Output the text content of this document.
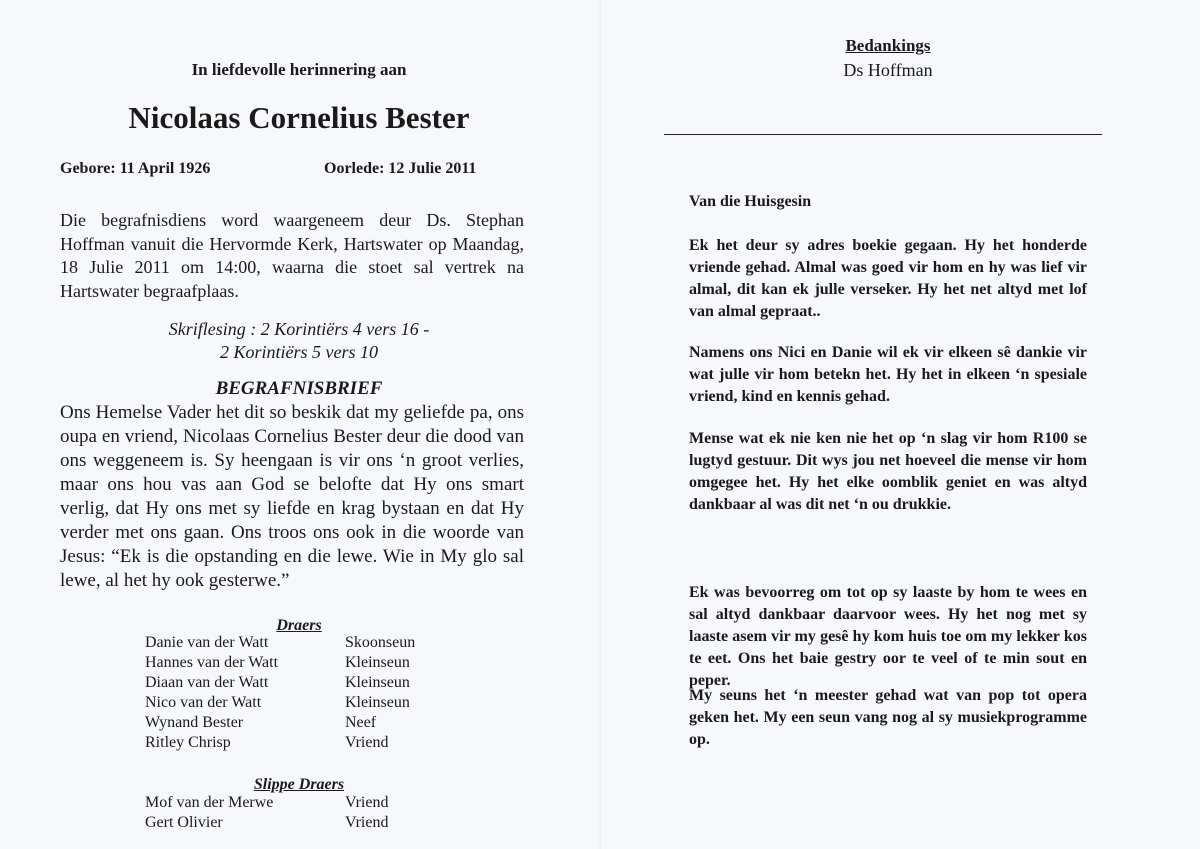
In liefdevolle herinnering aan

Nicolaas Cornelius Bester

Gebore: 11 April 1926	Oorlede: 12 Julie 2011

Die begrafnisdiens word waargeneem deur Ds. Stephan Hoffman vanuit die Hervormde Kerk, Hartswater op Maandag, 18 Julie 2011 om 14:00, waarna die stoet sal vertrek na Hartswater begraafplaas.

Skriflesing : 2 Korintiërs 4 vers 16 -
2 Korintiërs 5 vers 10

BEGRAFNISBRIEF

Ons Hemelse Vader het dit so beskik dat my geliefde pa, ons oupa en vriend, Nicolaas Cornelius Bester deur die dood van ons weggeneem is. Sy heengaan is vir ons ‘n groot verlies, maar ons hou vas aan God se belofte dat Hy ons smart verlig, dat Hy ons met sy liefde en krag bystaan en dat Hy verder met ons gaan. Ons troos ons ook in die woorde van Jesus: “Ek is die opstanding en die lewe. Wie in My glo sal lewe, al het hy ook gesterwe.”

Draers

Danie van der Watt
Hannes van der Watt
Diaan van der Watt
Nico van der Watt
Wynand Bester
Ritley Chrisp
Skoonseun
Kleinseun
Kleinseun
Kleinseun
Neef
Vriend

Slippe Draers

Mof van der Merwe
Gert Olivier
Vriend
Vriend

Bedankings

Ds Hoffman

Van die Huisgesin

Ek het deur sy adres boekie gegaan. Hy het honderde vriende gehad. Almal was goed vir hom en hy was lief vir almal, dit kan ek julle verseker. Hy het net altyd met lof van almal gepraat..

Namens ons Nici en Danie wil ek vir elkeen sê dankie vir wat julle vir hom betekn het. Hy het in elkeen ‘n spesiale vriend, kind en kennis gehad.

Mense wat ek nie ken nie het op ‘n slag vir hom R100 se lugtyd gestuur. Dit wys jou net hoeveel die mense vir hom omgegee het. Hy het elke oomblik geniet en was altyd dankbaar al was dit net ‘n ou drukkie.

Ek was bevoorreg om tot op sy laaste by hom te wees en sal altyd dankbaar daarvoor wees. Hy het nog met sy laaste asem vir my gesê hy kom huis toe om my lekker kos te eet. Ons het baie gestry oor te veel of te min sout en peper.

My seuns het ‘n meester gehad wat van pop tot opera geken het. My een seun vang nog al sy musiekprogramme op.
